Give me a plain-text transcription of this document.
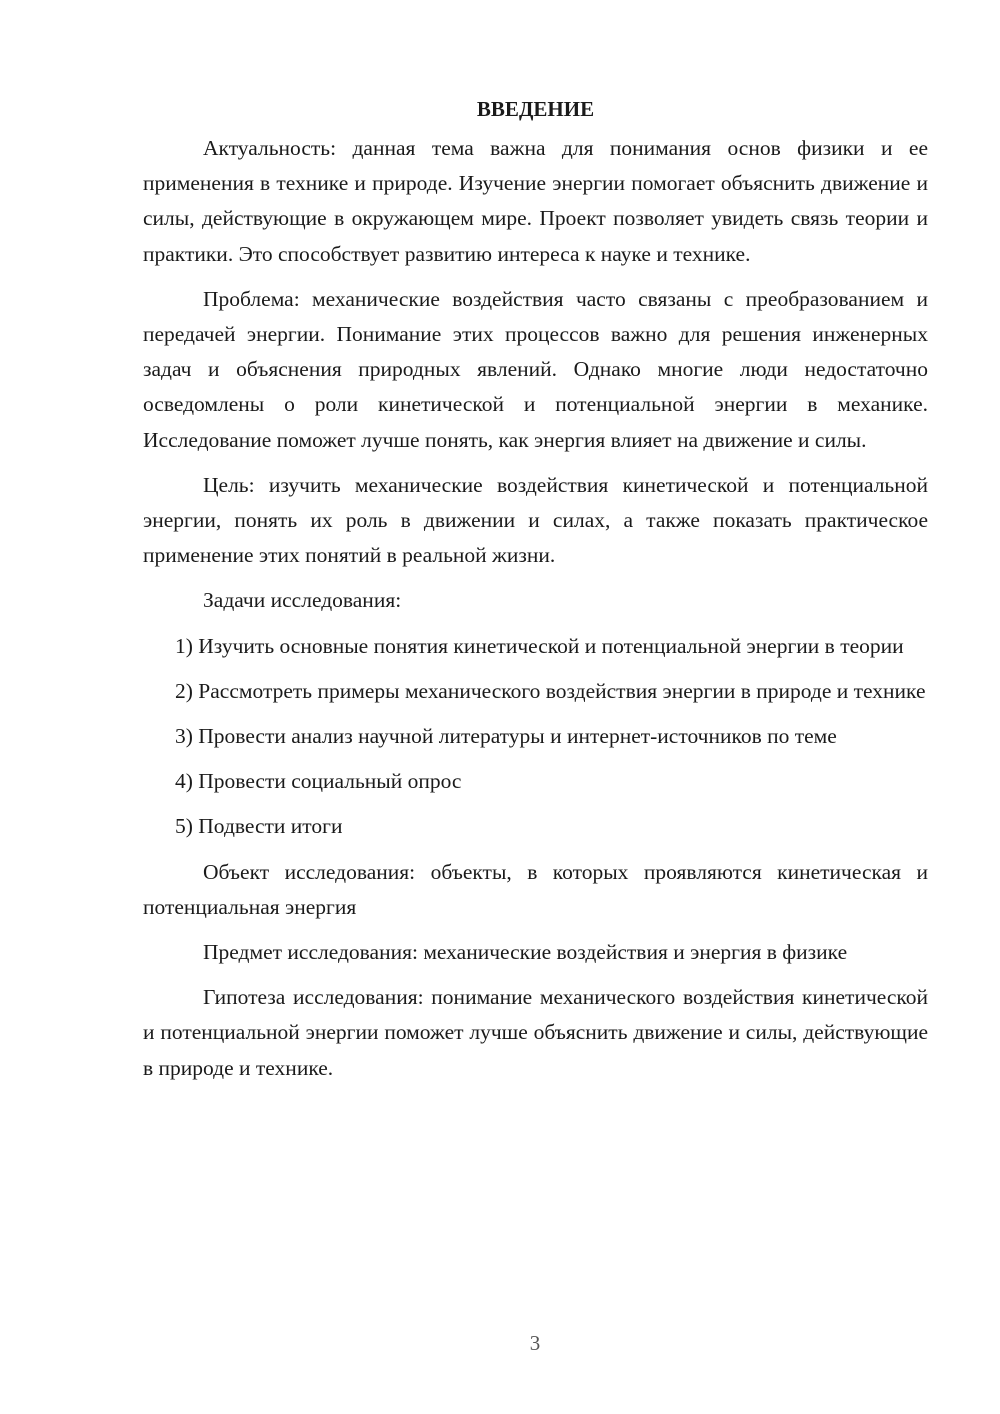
ВВЕДЕНИЕ

Актуальность: данная тема важна для понимания основ физики и ее применения в технике и природе. Изучение энергии помогает объяснить движение и силы, действующие в окружающем мире. Проект позволяет увидеть связь теории и практики. Это способствует развитию интереса к науке и технике.

Проблема: механические воздействия часто связаны с преобразованием и передачей энергии. Понимание этих процессов важно для решения инженерных задач и объяснения природных явлений. Однако многие люди недостаточно осведомлены о роли кинетической и потенциальной энергии в механике. Исследование поможет лучше понять, как энергия влияет на движение и силы.

Цель: изучить механические воздействия кинетической и потенциальной энергии, понять их роль в движении и силах, а также показать практическое применение этих понятий в реальной жизни.

Задачи исследования:

1) Изучить основные понятия кинетической и потенциальной энергии в теории

2) Рассмотреть примеры механического воздействия энергии в природе и технике

3) Провести анализ научной литературы и интернет-источников по теме

4) Провести социальный опрос

5) Подвести итоги

Объект исследования: объекты, в которых проявляются кинетическая и потенциальная энергия

Предмет исследования: механические воздействия и энергия в физике

Гипотеза исследования: понимание механического воздействия кинетической и потенциальной энергии поможет лучше объяснить движение и силы, действующие в природе и технике.

3
